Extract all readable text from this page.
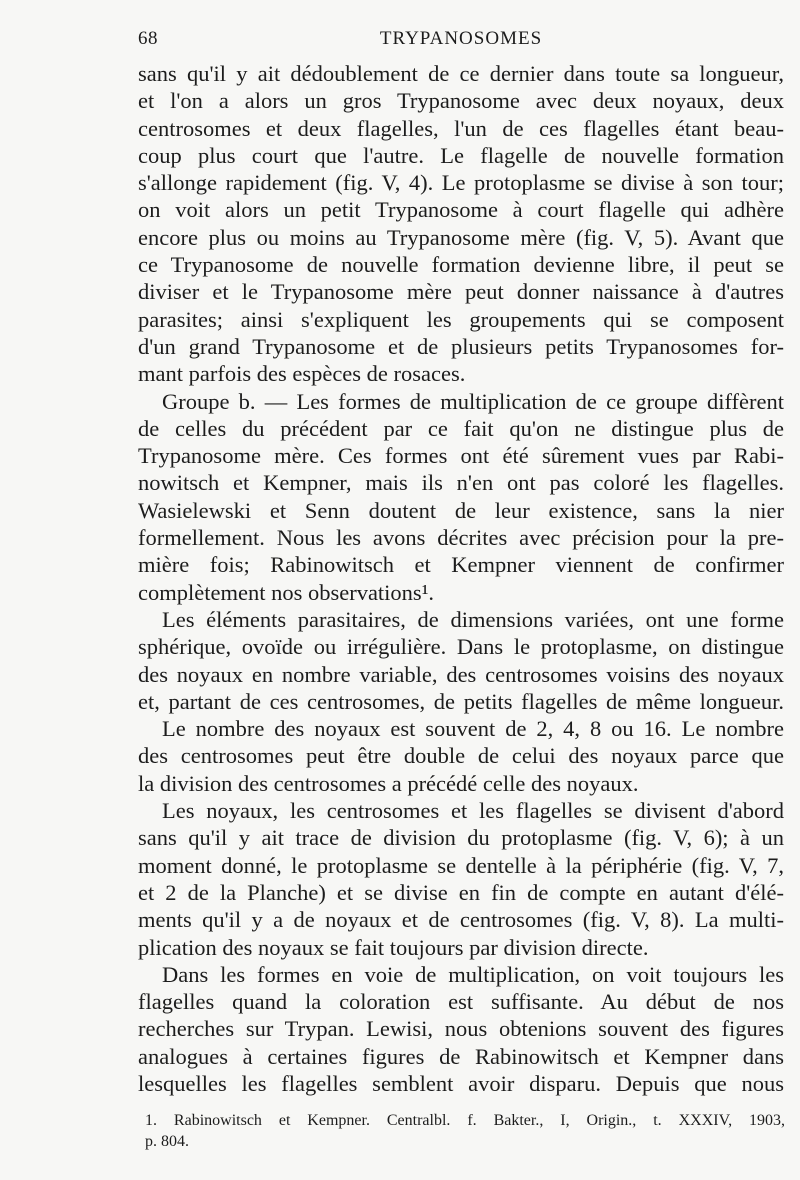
68	TRYPANOSOMES
sans qu'il y ait dédoublement de ce dernier dans toute sa longueur,
et l'on a alors un gros Trypanosome avec deux noyaux, deux
centrosomes et deux flagelles, l'un de ces flagelles étant beau-
coup plus court que l'autre. Le flagelle de nouvelle formation
s'allonge rapidement (fig. V, 4). Le protoplasme se divise à son tour;
on voit alors un petit Trypanosome à court flagelle qui adhère
encore plus ou moins au Trypanosome mère (fig. V, 5). Avant que
ce Trypanosome de nouvelle formation devienne libre, il peut se
diviser et le Trypanosome mère peut donner naissance à d'autres
parasites; ainsi s'expliquent les groupements qui se composent
d'un grand Trypanosome et de plusieurs petits Trypanosomes for-
mant parfois des espèces de rosaces.
Groupe b. — Les formes de multiplication de ce groupe diffèrent
de celles du précédent par ce fait qu'on ne distingue plus de
Trypanosome mère. Ces formes ont été sûrement vues par Rabi-
nowitsch et Kempner, mais ils n'en ont pas coloré les flagelles.
Wasielewski et Senn doutent de leur existence, sans la nier
formellement. Nous les avons décrites avec précision pour la pre-
mière fois; Rabinowitsch et Kempner viennent de confirmer
complètement nos observations¹.
Les éléments parasitaires, de dimensions variées, ont une forme
sphérique, ovoïde ou irrégulière. Dans le protoplasme, on distingue
des noyaux en nombre variable, des centrosomes voisins des noyaux
et, partant de ces centrosomes, de petits flagelles de même longueur.
Le nombre des noyaux est souvent de 2, 4, 8 ou 16. Le nombre
des centrosomes peut être double de celui des noyaux parce que
la division des centrosomes a précédé celle des noyaux.
Les noyaux, les centrosomes et les flagelles se divisent d'abord
sans qu'il y ait trace de division du protoplasme (fig. V, 6); à un
moment donné, le protoplasme se dentelle à la périphérie (fig. V, 7,
et 2 de la Planche) et se divise en fin de compte en autant d'élé-
ments qu'il y a de noyaux et de centrosomes (fig. V, 8). La multi-
plication des noyaux se fait toujours par division directe.
Dans les formes en voie de multiplication, on voit toujours les
flagelles quand la coloration est suffisante. Au début de nos
recherches sur Trypan. Lewisi, nous obtenions souvent des figures
analogues à certaines figures de Rabinowitsch et Kempner dans
lesquelles les flagelles semblent avoir disparu. Depuis que nous
1. Rabinowitsch et Kempner. Centralbl. f. Bakter., I, Origin., t. XXXIV, 1903,
p. 804.
